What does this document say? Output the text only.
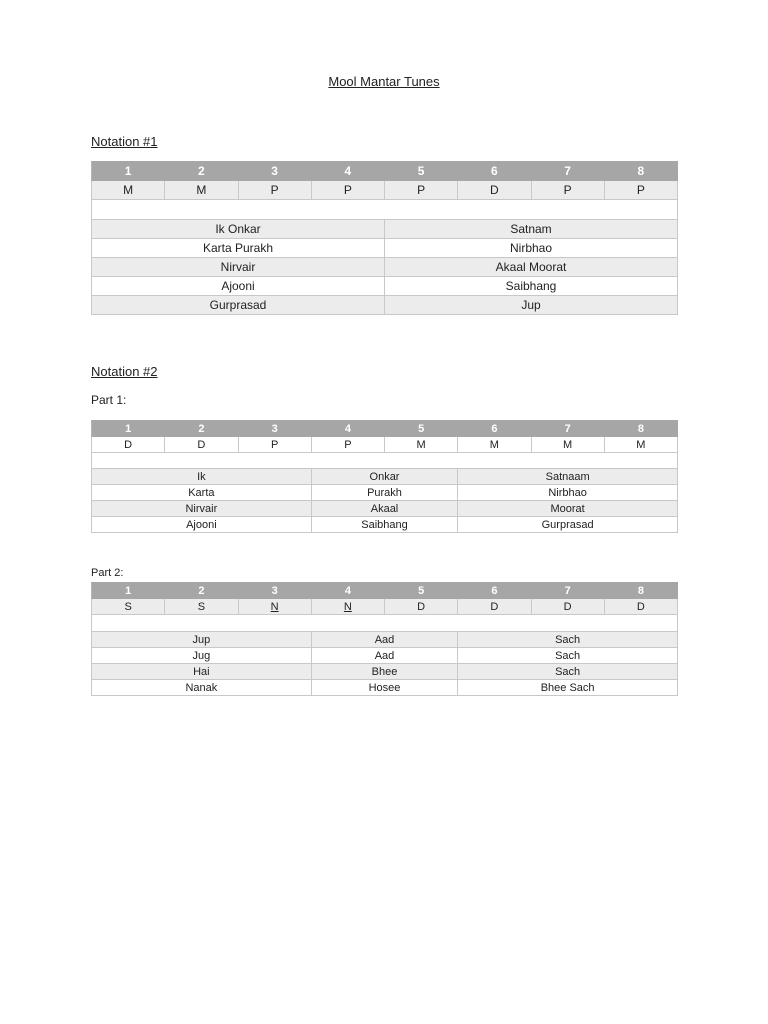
Mool Mantar Tunes
Notation #1
1	2	3	4	5	6	7	8
M	M	P	P	P	D	P	P

Ik Onkar				Satnam			
Karta Purakh				Nirbhao			
Nirvair				Akaal Moorat			
Ajooni				Saibhang			
Gurprasad				Jup			
Notation #2
Part 1:
1	2	3	4	5	6	7	8
D	D	P	P	M	M	M	M

Ik			Onkar		Satnaam		
Karta			Purakh		Nirbhao		
Nirvair			Akaal		Moorat		
Ajooni			Saibhang		Gurprasad		
Part 2:
1	2	3	4	5	6	7	8
S	S	N	N	D	D	D	D

Jup			Aad		Sach		
Jug			Aad		Sach		
Hai			Bhee		Sach		
Nanak			Hosee		Bhee Sach		
